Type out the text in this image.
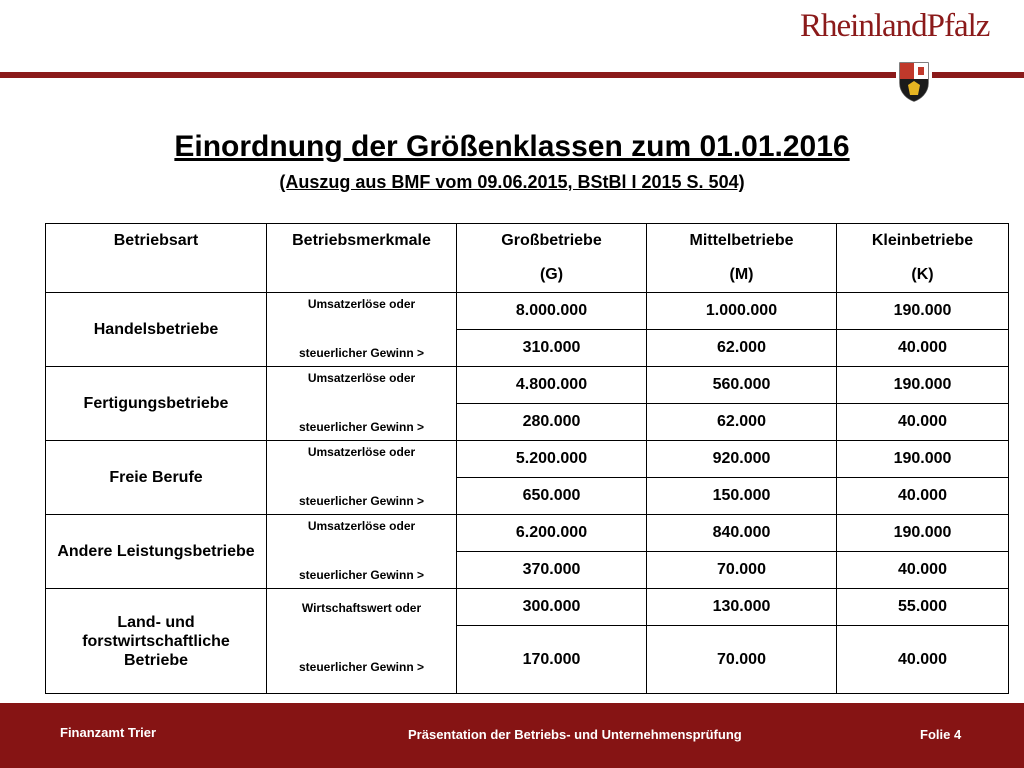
RheinlandPfalz
Einordnung der Größenklassen zum 01.01.2016
(Auszug aus BMF vom 09.06.2015, BStBl I 2015 S. 504)
Betriebsart	Betriebsmerkmale	Großbetriebe	Mittelbetriebe	Kleinbetriebe
		(G)	(M)	(K)
Handelsbetriebe	Umsatzerlöse oder	8.000.000	1.000.000	190.000
	steuerlicher Gewinn >	310.000	62.000	40.000
Fertigungsbetriebe	Umsatzerlöse oder	4.800.000	560.000	190.000
	steuerlicher Gewinn >	280.000	62.000	40.000
Freie Berufe	Umsatzerlöse oder	5.200.000	920.000	190.000
	steuerlicher Gewinn >	650.000	150.000	40.000
Andere Leistungsbetriebe	Umsatzerlöse oder	6.200.000	840.000	190.000
	steuerlicher Gewinn >	370.000	70.000	40.000
Land- und forstwirtschaftliche Betriebe	Wirtschaftswert oder	300.000	130.000	55.000
	steuerlicher Gewinn >	170.000	70.000	40.000
Finanzamt Trier	Präsentation der Betriebs- und Unternehmensprüfung	Folie 4
